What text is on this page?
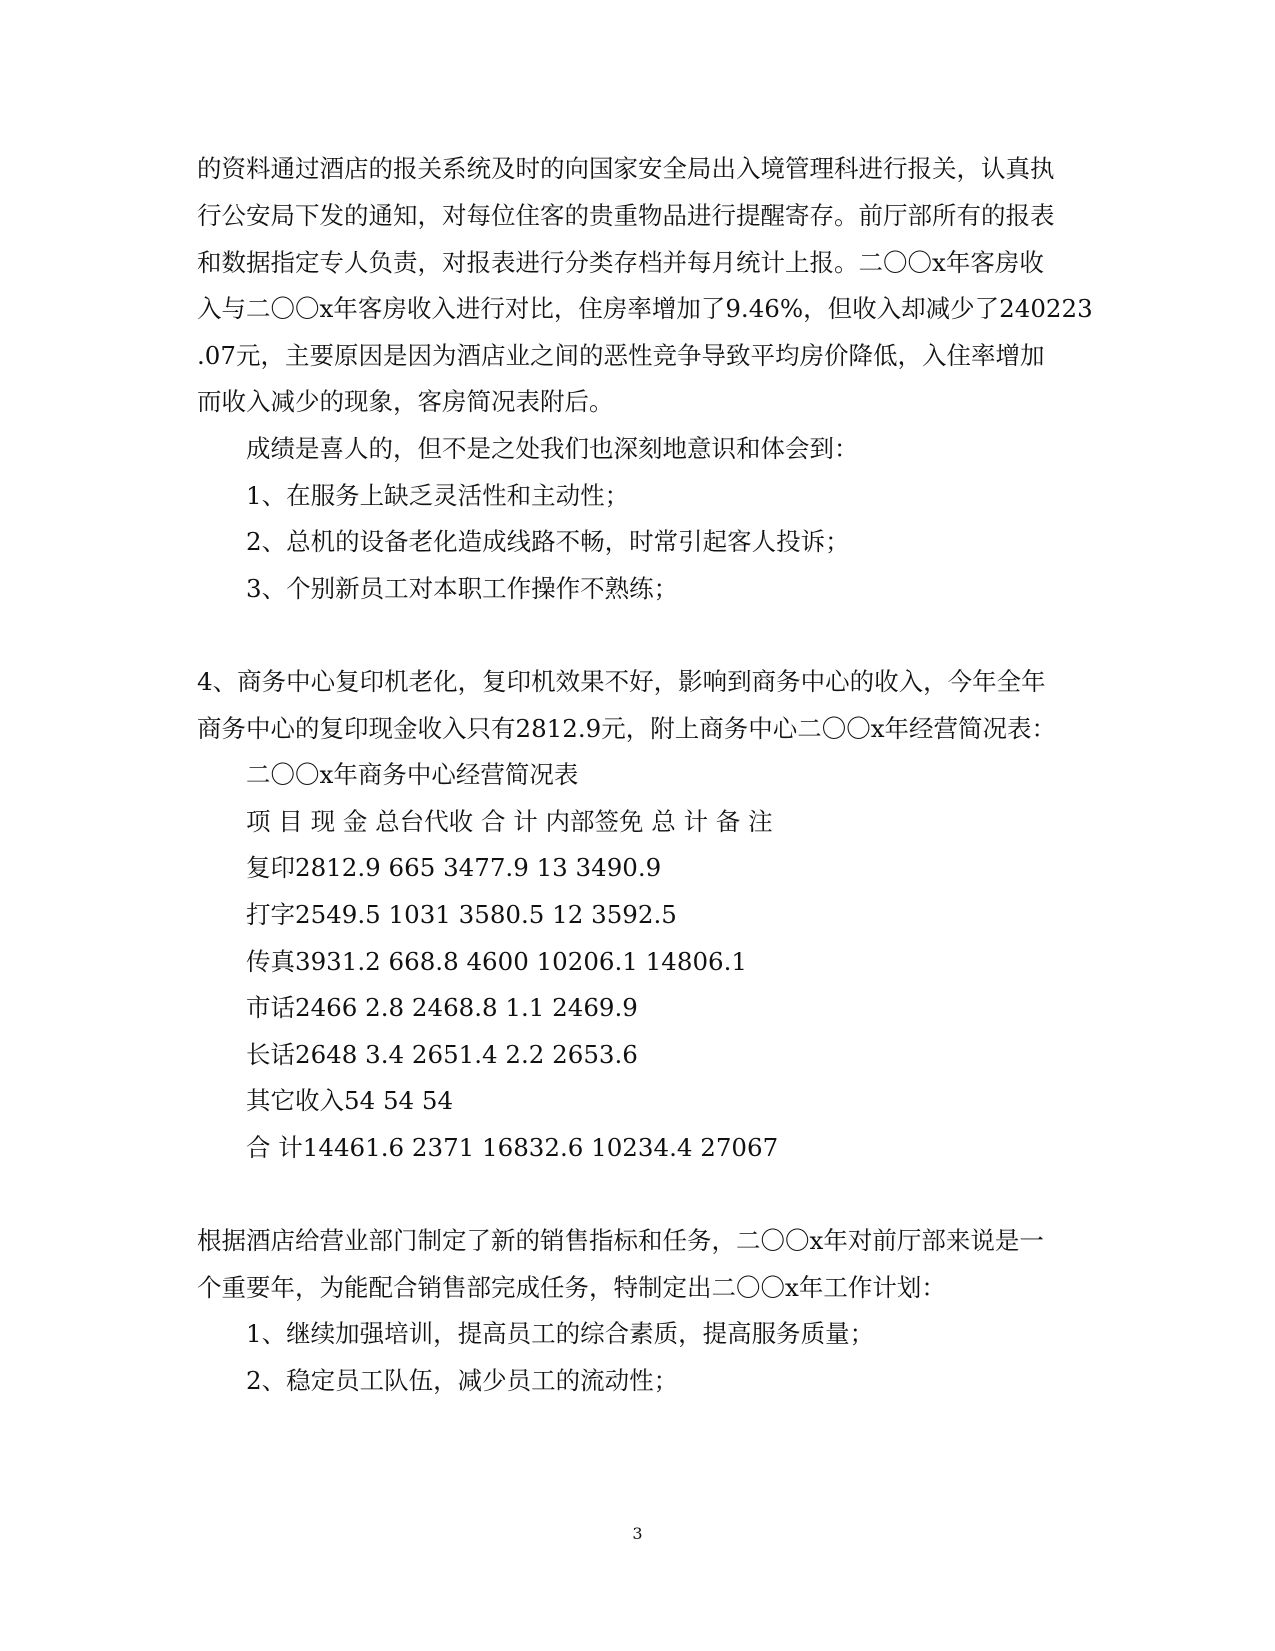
的资料通过酒店的报关系统及时的向国家安全局出入境管理科进行报关，认真执
行公安局下发的通知，对每位住客的贵重物品进行提醒寄存。前厅部所有的报表
和数据指定专人负责，对报表进行分类存档并每月统计上报。二〇〇x年客房收
入与二〇〇x年客房收入进行对比，住房率增加了9.46%，但收入却减少了240223
.07元，主要原因是因为酒店业之间的恶性竞争导致平均房价降低，入住率增加
而收入减少的现象，客房简况表附后。
成绩是喜人的，但不是之处我们也深刻地意识和体会到：
1、在服务上缺乏灵活性和主动性；
2、总机的设备老化造成线路不畅，时常引起客人投诉；
3、个别新员工对本职工作操作不熟练；
4、商务中心复印机老化，复印机效果不好，影响到商务中心的收入，今年全年
商务中心的复印现金收入只有2812.9元，附上商务中心二〇〇x年经营简况表：
二〇〇x年商务中心经营简况表
项 目 现 金 总台代收 合 计 内部签免 总 计 备 注
复印2812.9 665 3477.9 13 3490.9
打字2549.5 1031 3580.5 12 3592.5
传真3931.2 668.8 4600 10206.1 14806.1
市话2466 2.8 2468.8 1.1 2469.9
长话2648 3.4 2651.4 2.2 2653.6
其它收入54 54 54
合 计14461.6 2371 16832.6 10234.4 27067
根据酒店给营业部门制定了新的销售指标和任务，二〇〇x年对前厅部来说是一
个重要年，为能配合销售部完成任务，特制定出二〇〇x年工作计划：
1、继续加强培训，提高员工的综合素质，提高服务质量；
2、稳定员工队伍，减少员工的流动性；
3
